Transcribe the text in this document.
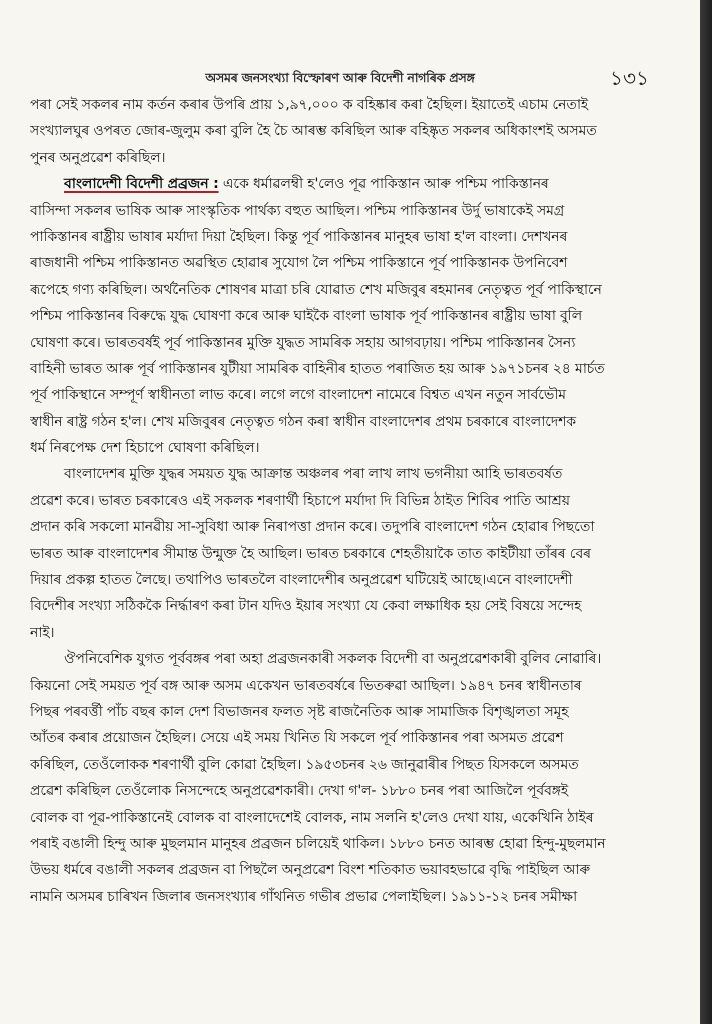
অসমৰ জনসংখ্যা বিস্ফোৰণ আৰু বিদেশী নাগৰিক প্ৰসঙ্গ	১৩১
পৰা সেই সকলৰ নাম কৰ্তন কৰাৰ উপৰি প্ৰায় ১,৯৭,০০০ ক বহিষ্কাৰ কৰা হৈছিল। ইয়াতেই এচাম নেতাই
সংখ্যালঘুৰ ওপৰত জোৰ-জুলুম কৰা বুলি হৈ চৈ আৰম্ভ কৰিছিল আৰু বহিষ্কৃত সকলৰ অধিকাংশই অসমত
পুনৰ অনুপ্ৰৱেশ কৰিছিল।
বাংলাদেশী বিদেশী প্ৰব্ৰজন : একে ধৰ্মাৱলম্বী হ'লেও পূৱ পাকিস্তান আৰু পশ্চিম পাকিস্তানৰ
বাসিন্দা সকলৰ ভাষিক আৰু সাংস্কৃতিক পাৰ্থক্য বহুত আছিল। পশ্চিম পাকিস্তানৰ উৰ্দু ভাষাকেই সমগ্ৰ
পাকিস্তানৰ ৰাষ্ট্ৰীয় ভাষাৰ মৰ্যাদা দিয়া হৈছিল। কিন্তু পূৰ্ব পাকিস্তানৰ মানুহৰ ভাষা হ'ল বাংলা। দেশখনৰ
ৰাজধানী পশ্চিম পাকিস্তানত অৱস্থিত হোৱাৰ সুযোগ লৈ পশ্চিম পাকিস্তানে পূৰ্ব পাকিস্তানক উপনিবেশ
ৰূপেহে গণ্য কৰিছিল। অৰ্থনৈতিক শোষণৰ মাত্ৰা চৰি যোৱাত শেখ মজিবুৰ ৰহমানৰ নেতৃত্বত পূৰ্ব পাকিস্থানে
পশ্চিম পাকিস্তানৰ বিৰুদ্ধে যুদ্ধ ঘোষণা কৰে আৰু ঘাইকৈ বাংলা ভাষাক পূৰ্ব পাকিস্তানৰ ৰাষ্ট্ৰীয় ভাষা বুলি
ঘোষণা কৰে। ভাৰতবৰ্ষই পূৰ্ব পাকিস্তানৰ মুক্তি যুদ্ধত সামৰিক সহায় আগবঢ়ায়। পশ্চিম পাকিস্তানৰ সৈন্য
বাহিনী ভাৰত আৰু পূৰ্ব পাকিস্তানৰ যুটীয়া সামৰিক বাহিনীৰ হাতত পৰাজিত হয় আৰু ১৯৭১চনৰ ২৪ মাৰ্চত
পূৰ্ব পাকিস্থানে সম্পূৰ্ণ স্বাধীনতা লাভ কৰে। লগে লগে বাংলাদেশ নামেৰে বিশ্বত এখন নতুন সাৰ্বভৌম
স্বাধীন ৰাষ্ট্ৰ গঠন হ'ল। শেখ মজিবুৰৰ নেতৃত্বত গঠন কৰা স্বাধীন বাংলাদেশৰ প্ৰথম চৰকাৰে বাংলাদেশক
ধৰ্ম নিৰপেক্ষ দেশ হিচাপে ঘোষণা কৰিছিল।
বাংলাদেশৰ মুক্তি যুদ্ধৰ সময়ত যুদ্ধ আক্ৰান্ত অঞ্চলৰ পৰা লাখ লাখ ভগনীয়া আহি ভাৰতবৰ্ষত
প্ৰৱেশ কৰে। ভাৰত চৰকাৰেও এই সকলক শৰণাৰ্থী হিচাপে মৰ্যাদা দি বিভিন্ন ঠাইত শিবিৰ পাতি আশ্ৰয়
প্ৰদান কৰি সকলো মানৱীয় সা-সুবিধা আৰু নিৰাপত্তা প্ৰদান কৰে। তদুপৰি বাংলাদেশ গঠন হোৱাৰ পিছতো
ভাৰত আৰু বাংলাদেশৰ সীমান্ত উন্মুক্ত হৈ আছিল। ভাৰত চৰকাৰে শেহতীয়াকৈ তাত কাইটীয়া তাঁৰৰ বেৰ
দিয়াৰ প্ৰকল্প হাতত লৈছে। তথাপিও ভাৰতলৈ বাংলাদেশীৰ অনুপ্ৰৱেশ ঘটিয়েই আছে।এনে বাংলাদেশী
বিদেশীৰ সংখ্যা সঠিককৈ নিৰ্দ্ধাৰণ কৰা টান যদিও ইয়াৰ সংখ্যা যে কেবা লক্ষাধিক হয় সেই বিষয়ে সন্দেহ
নাই।
ঔপনিবেশিক যুগত পূৰ্ববঙ্গৰ পৰা অহা প্ৰব্ৰজনকাৰী সকলক বিদেশী বা অনুপ্ৰৱেশকাৰী বুলিব নোৱাৰি।
কিয়নো সেই সময়ত পূৰ্ব বঙ্গ আৰু অসম একেখন ভাৰতবৰ্ষৰে ভিতৰুৱা আছিল। ১৯৪৭ চনৰ স্বাধীনতাৰ
পিছৰ পৰবৰ্ত্তী পাঁচ বছৰ কাল দেশ বিভাজনৰ ফলত সৃষ্ট ৰাজনৈতিক আৰু সামাজিক বিশৃঙ্খলতা সমূহ
আঁতৰ কৰাৰ প্ৰয়োজন হৈছিল। সেয়ে এই সময় খিনিত যি সকলে পূৰ্ব পাকিস্তানৰ পৰা অসমত প্ৰৱেশ
কৰিছিল, তেওঁলোকক শৰণাৰ্থী বুলি কোৱা হৈছিল। ১৯৫৩চনৰ ২৬ জানুৱাৰীৰ পিছত যিসকলে অসমত
প্ৰৱেশ কৰিছিল তেওঁলোক নিসন্দেহে অনুপ্ৰৱেশকাৰী। দেখা গ'ল- ১৮৮০ চনৰ পৰা আজিলৈ পূৰ্ববঙ্গই
বোলক বা পূৱ-পাকিস্তানেই বোলক বা বাংলাদেশেই বোলক, নাম সলনি হ'লেও দেখা যায়, একেখিনি ঠাইৰ
পৰাই বঙালী হিন্দু আৰু মুছলমান মানুহৰ প্ৰব্ৰজন চলিয়েই থাকিল। ১৮৮০ চনত আৰম্ভ হোৱা হিন্দু-মুছলমান
উভয় ধৰ্মৰে বঙালী সকলৰ প্ৰব্ৰজন বা পিছলৈ অনুপ্ৰৱেশ বিংশ শতিকাত ভয়াবহভাৱে বৃদ্ধি পাইছিল আৰু
নামনি অসমৰ চাৰিখন জিলাৰ জনসংখ্যাৰ গাঁথনিত গভীৰ প্ৰভাৱ পেলাইছিল। ১৯১১-১২ চনৰ সমীক্ষা
